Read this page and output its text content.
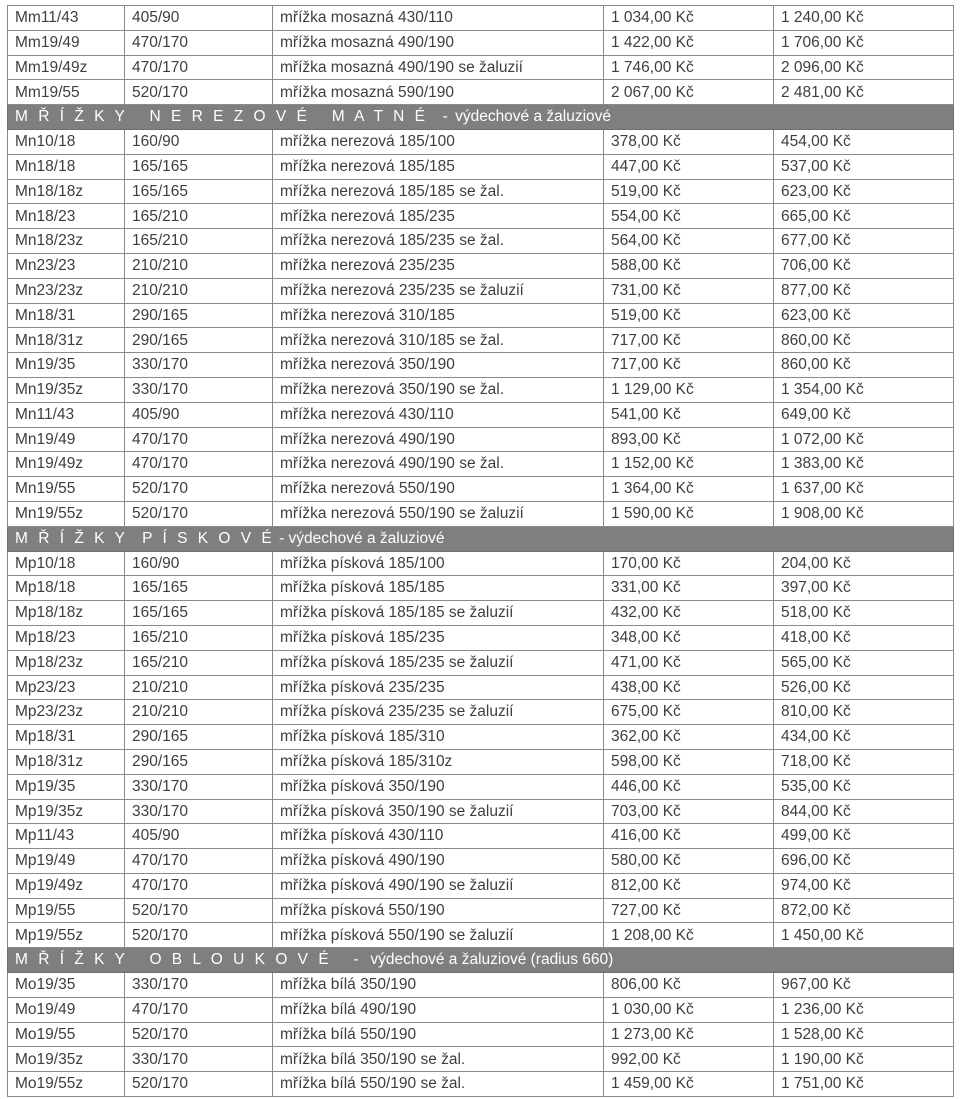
Mm11/43	405/90	mřížka mosazná 430/110	1 034,00 Kč	1 240,00 Kč
Mm19/49	470/170	mřížka mosazná 490/190	1 422,00 Kč	1 706,00 Kč
Mm19/49z	470/170	mřížka mosazná 490/190 se žaluzií	1 746,00 Kč	2 096,00 Kč
Mm19/55	520/170	mřížka mosazná 590/190	2 067,00 Kč	2 481,00 Kč
M Ř Í Ž K Y   N E R E Z O V É   M A T N É  - výdechové a žaluziové				
Mn10/18	160/90	mřížka nerezová 185/100	378,00 Kč	454,00 Kč
Mn18/18	165/165	mřížka nerezová 185/185	447,00 Kč	537,00 Kč
Mn18/18z	165/165	mřížka nerezová 185/185 se žal.	519,00 Kč	623,00 Kč
Mn18/23	165/210	mřížka nerezová 185/235	554,00 Kč	665,00 Kč
Mn18/23z	165/210	mřížka nerezová 185/235 se žal.	564,00 Kč	677,00 Kč
Mn23/23	210/210	mřížka nerezová 235/235	588,00 Kč	706,00 Kč
Mn23/23z	210/210	mřížka nerezová 235/235 se žaluzií	731,00 Kč	877,00 Kč
Mn18/31	290/165	mřížka nerezová 310/185	519,00 Kč	623,00 Kč
Mn18/31z	290/165	mřížka nerezová 310/185 se žal.	717,00 Kč	860,00 Kč
Mn19/35	330/170	mřížka nerezová 350/190	717,00 Kč	860,00 Kč
Mn19/35z	330/170	mřížka nerezová 350/190 se žal.	1 129,00 Kč	1 354,00 Kč
Mn11/43	405/90	mřížka nerezová 430/110	541,00 Kč	649,00 Kč
Mn19/49	470/170	mřížka nerezová 490/190	893,00 Kč	1 072,00 Kč
Mn19/49z	470/170	mřížka nerezová 490/190 se žal.	1 152,00 Kč	1 383,00 Kč
Mn19/55	520/170	mřížka nerezová 550/190	1 364,00 Kč	1 637,00 Kč
Mn19/55z	520/170	mřížka nerezová 550/190 se žaluzií	1 590,00 Kč	1 908,00 Kč
M Ř Í Ž K Y  P Í S K O V É - výdechové a žaluziové				
Mp10/18	160/90	mřížka písková 185/100	170,00 Kč	204,00 Kč
Mp18/18	165/165	mřížka písková 185/185	331,00 Kč	397,00 Kč
Mp18/18z	165/165	mřížka písková 185/185 se žaluzií	432,00 Kč	518,00 Kč
Mp18/23	165/210	mřížka písková 185/235	348,00 Kč	418,00 Kč
Mp18/23z	165/210	mřížka písková 185/235 se žaluzií	471,00 Kč	565,00 Kč
Mp23/23	210/210	mřížka písková 235/235	438,00 Kč	526,00 Kč
Mp23/23z	210/210	mřížka písková 235/235 se žaluzií	675,00 Kč	810,00 Kč
Mp18/31	290/165	mřížka písková 185/310	362,00 Kč	434,00 Kč
Mp18/31z	290/165	mřížka písková 185/310z	598,00 Kč	718,00 Kč
Mp19/35	330/170	mřížka písková 350/190	446,00 Kč	535,00 Kč
Mp19/35z	330/170	mřížka písková 350/190 se žaluzií	703,00 Kč	844,00 Kč
Mp11/43	405/90	mřížka písková 430/110	416,00 Kč	499,00 Kč
Mp19/49	470/170	mřížka písková 490/190	580,00 Kč	696,00 Kč
Mp19/49z	470/170	mřížka písková 490/190 se žaluzií	812,00 Kč	974,00 Kč
Mp19/55	520/170	mřížka písková 550/190	727,00 Kč	872,00 Kč
Mp19/55z	520/170	mřížka písková 550/190 se žaluzií	1 208,00 Kč	1 450,00 Kč
M Ř Í Ž K Y   O B L O U K O V É   -  výdechové a žaluziové (radius 660)				
Mo19/35	330/170	mřížka bílá 350/190	806,00 Kč	967,00 Kč
Mo19/49	470/170	mřížka bílá 490/190	1 030,00 Kč	1 236,00 Kč
Mo19/55	520/170	mřížka bílá 550/190	1 273,00 Kč	1 528,00 Kč
Mo19/35z	330/170	mřížka bílá 350/190 se žal.	992,00 Kč	1 190,00 Kč
Mo19/55z	520/170	mřížka bílá 550/190 se žal.	1 459,00 Kč	1 751,00 Kč
